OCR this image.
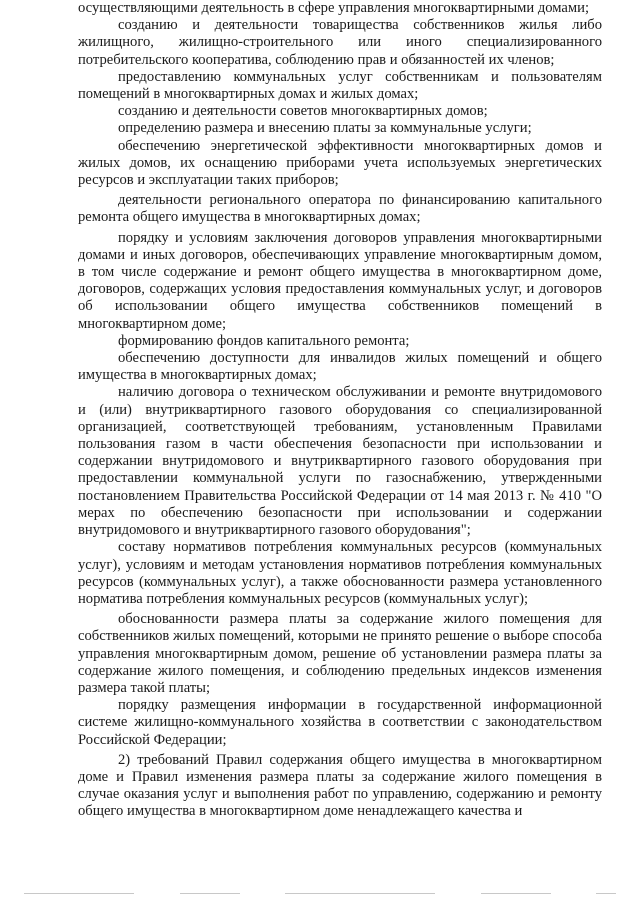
осуществляющими деятельность в сфере управления многоквартирными домами;

созданию и деятельности товарищества собственников жилья либо жилищного, жилищно-строительного или иного специализированного потребительского кооператива, соблюдению прав и обязанностей их членов;

предоставлению коммунальных услуг собственникам и пользователям помещений в многоквартирных домах и жилых домах;

созданию и деятельности советов многоквартирных домов;

определению размера и внесению платы за коммунальные услуги;

обеспечению энергетической эффективности многоквартирных домов и жилых домов, их оснащению приборами учета используемых энергетических ресурсов и эксплуатации таких приборов;

деятельности регионального оператора по финансированию капитального ремонта общего имущества в многоквартирных домах;

порядку и условиям заключения договоров управления многоквартирными домами и иных договоров, обеспечивающих управление многоквартирным домом, в том числе содержание и ремонт общего имущества в многоквартирном доме, договоров, содержащих условия предоставления коммунальных услуг, и договоров об использовании общего имущества собственников помещений в многоквартирном доме;

формированию фондов капитального ремонта;

обеспечению доступности для инвалидов жилых помещений и общего имущества в многоквартирных домах;

наличию договора о техническом обслуживании и ремонте внутридомового и (или) внутриквартирного газового оборудования со специализированной организацией, соответствующей требованиям, установленным Правилами пользования газом в части обеспечения безопасности при использовании и содержании внутридомового и внутриквартирного газового оборудования при предоставлении коммунальной услуги по газоснабжению, утвержденными постановлением Правительства Российской Федерации от 14 мая 2013 г. № 410 "О мерах по обеспечению безопасности при использовании и содержании внутридомового и внутриквартирного газового оборудования";

составу нормативов потребления коммунальных ресурсов (коммунальных услуг), условиям и методам установления нормативов потребления коммунальных ресурсов (коммунальных услуг), а также обоснованности размера установленного норматива потребления коммунальных ресурсов (коммунальных услуг);

обоснованности размера платы за содержание жилого помещения для собственников жилых помещений, которыми не принято решение о выборе способа управления многоквартирным домом, решение об установлении размера платы за содержание жилого помещения, и соблюдению предельных индексов изменения размера такой платы;

порядку размещения информации в государственной информационной системе жилищно-коммунального хозяйства в соответствии с законодательством Российской Федерации;

2) требований Правил содержания общего имущества в многоквартирном доме и Правил изменения размера платы за содержание жилого помещения в случае оказания услуг и выполнения работ по управлению, содержанию и ремонту общего имущества в многоквартирном доме ненадлежащего качества и
